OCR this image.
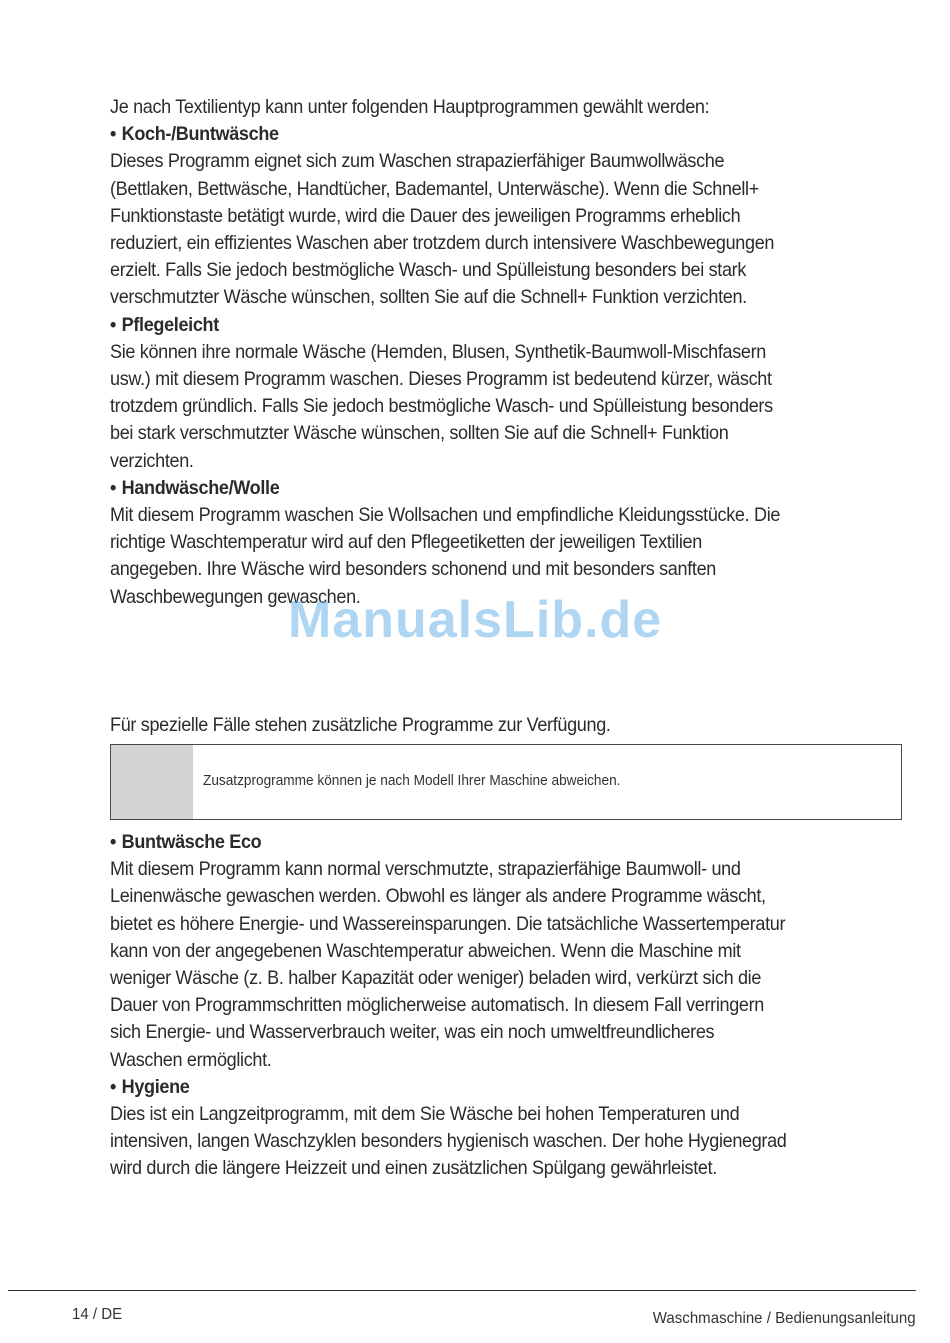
Je nach Textilientyp kann unter folgenden Hauptprogrammen gewählt werden:

• Koch-/Buntwäsche

Dieses Programm eignet sich zum Waschen strapazierfähiger Baumwollwäsche

(Bettlaken, Bettwäsche, Handtücher, Bademantel, Unterwäsche). Wenn die Schnell+

Funktionstaste betätigt wurde, wird die Dauer des jeweiligen Programms erheblich

reduziert, ein effizientes Waschen aber trotzdem durch intensivere Waschbewegungen

erzielt. Falls Sie jedoch bestmögliche Wasch- und Spülleistung besonders bei stark

verschmutzter Wäsche wünschen, sollten Sie auf die Schnell+ Funktion verzichten.

• Pflegeleicht

Sie können ihre normale Wäsche (Hemden, Blusen, Synthetik-Baumwoll-Mischfasern

usw.) mit diesem Programm waschen. Dieses Programm ist bedeutend kürzer, wäscht

trotzdem gründlich. Falls Sie jedoch bestmögliche Wasch- und Spülleistung besonders

bei stark verschmutzter Wäsche wünschen, sollten Sie auf die Schnell+ Funktion

verzichten.

• Handwäsche/Wolle

Mit diesem Programm waschen Sie Wollsachen und empfindliche Kleidungsstücke. Die

richtige Waschtemperatur wird auf den Pflegeetiketten der jeweiligen Textilien

angegeben. Ihre Wäsche wird besonders schonend und mit besonders sanften

Waschbewegungen gewaschen.

ManualsLib.de
Für spezielle Fälle stehen zusätzliche Programme zur Verfügung.
Zusatzprogramme können je nach Modell Ihrer Maschine abweichen.

• Buntwäsche Eco

Mit diesem Programm kann normal verschmutzte, strapazierfähige Baumwoll- und

Leinenwäsche gewaschen werden. Obwohl es länger als andere Programme wäscht,

bietet es höhere Energie- und Wassereinsparungen. Die tatsächliche Wassertemperatur

kann von der angegebenen Waschtemperatur abweichen. Wenn die Maschine mit

weniger Wäsche (z. B. halber Kapazität oder weniger) beladen wird, verkürzt sich die

Dauer von Programmschritten möglicherweise automatisch. In diesem Fall verringern

sich Energie- und Wasserverbrauch weiter, was ein noch umweltfreundlicheres

Waschen ermöglicht.

• Hygiene

Dies ist ein Langzeitprogramm, mit dem Sie Wäsche bei hohen Temperaturen und

intensiven, langen Waschzyklen besonders hygienisch waschen. Der hohe Hygienegrad

wird durch die längere Heizzeit und einen zusätzlichen Spülgang gewährleistet.

14 / DE	Waschmaschine / Bedienungsanleitung
